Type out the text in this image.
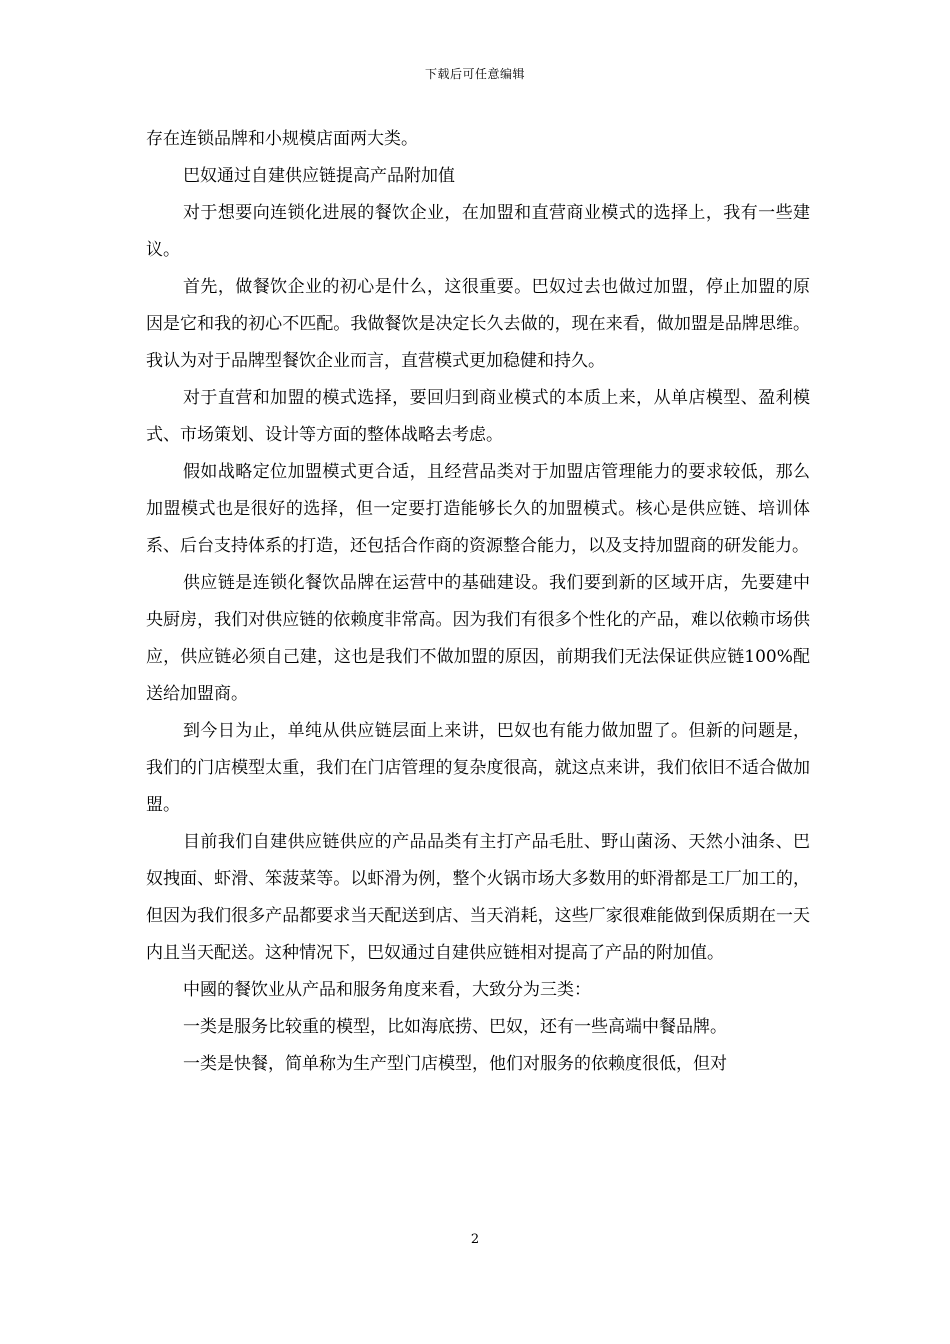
下载后可任意编辑

存在连锁品牌和小规模店面两大类。

巴奴通过自建供应链提高产品附加值

对于想要向连锁化进展的餐饮企业，在加盟和直营商业模式的选择上，我有一些建议。

首先，做餐饮企业的初心是什么，这很重要。巴奴过去也做过加盟，停止加盟的原因是它和我的初心不匹配。我做餐饮是决定长久去做的，现在来看，做加盟是品牌思维。我认为对于品牌型餐饮企业而言，直营模式更加稳健和持久。

对于直营和加盟的模式选择，要回归到商业模式的本质上来，从单店模型、盈利模式、市场策划、设计等方面的整体战略去考虑。

假如战略定位加盟模式更合适，且经营品类对于加盟店管理能力的要求较低，那么加盟模式也是很好的选择，但一定要打造能够长久的加盟模式。核心是供应链、培训体系、后台支持体系的打造，还包括合作商的资源整合能力，以及支持加盟商的研发能力。

供应链是连锁化餐饮品牌在运营中的基础建设。我们要到新的区域开店，先要建中央厨房，我们对供应链的依赖度非常高。因为我们有很多个性化的产品，难以依赖市场供应，供应链必须自己建，这也是我们不做加盟的原因，前期我们无法保证供应链100%配送给加盟商。

到今日为止，单纯从供应链层面上来讲，巴奴也有能力做加盟了。但新的问题是，我们的门店模型太重，我们在门店管理的复杂度很高，就这点来讲，我们依旧不适合做加盟。

目前我们自建供应链供应的产品品类有主打产品毛肚、野山菌汤、天然小油条、巴奴拽面、虾滑、笨菠菜等。以虾滑为例，整个火锅市场大多数用的虾滑都是工厂加工的，但因为我们很多产品都要求当天配送到店、当天消耗，这些厂家很难能做到保质期在一天内且当天配送。这种情况下，巴奴通过自建供应链相对提高了产品的附加值。

中國的餐饮业从产品和服务角度来看，大致分为三类：

一类是服务比较重的模型，比如海底捞、巴奴，还有一些高端中餐品牌。

一类是快餐，简单称为生产型门店模型，他们对服务的依赖度很低，但对

2
